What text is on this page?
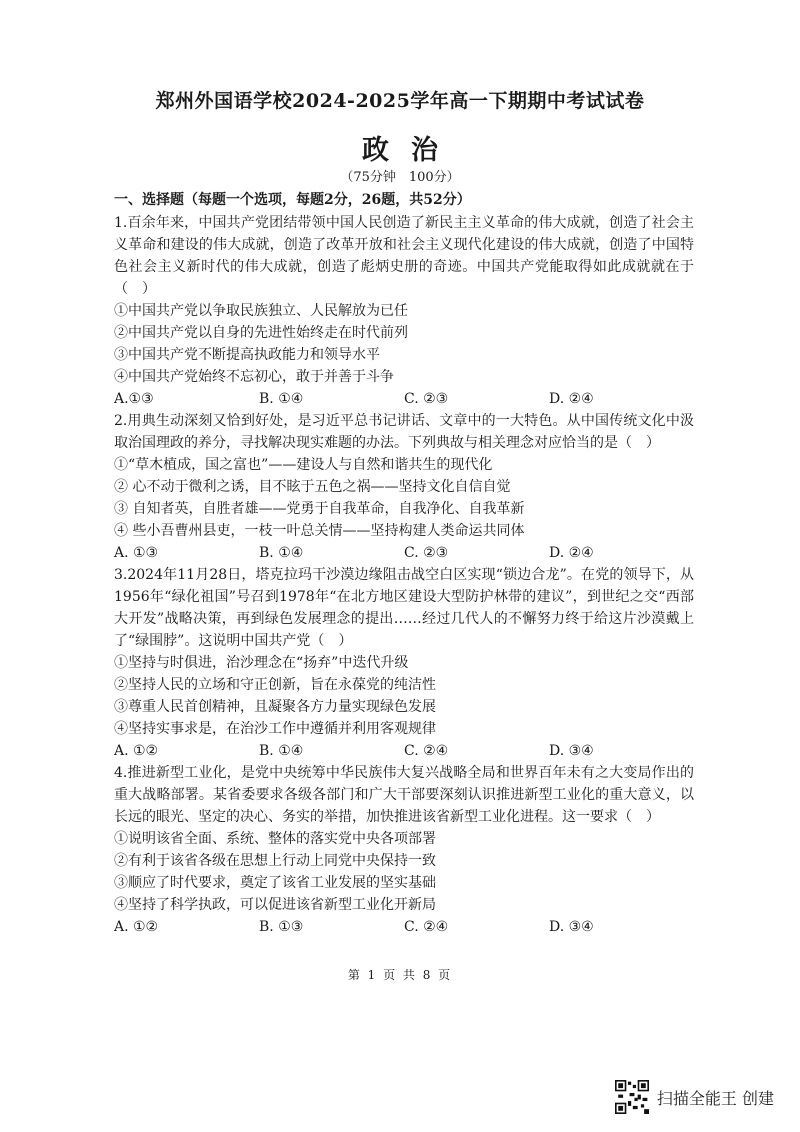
郑州外国语学校2024-2025学年高一下期期中考试试卷
政治
（75分钟　100分）

一、选择题（每题一个选项，每题2分，26题，共52分）

1.百余年来，中国共产党团结带领中国人民创造了新民主主义革命的伟大成就，创造了社会主义革命和建设的伟大成就，创造了改革开放和社会主义现代化建设的伟大成就，创造了中国特色社会主义新时代的伟大成就，创造了彪炳史册的奇迹。中国共产党能取得如此成就就在于（　）

①中国共产党以争取民族独立、人民解放为已任

②中国共产党以自身的先进性始终走在时代前列

③中国共产党不断提高执政能力和领导水平

④中国共产党始终不忘初心，敢于并善于斗争

A.①③	B. ①④	C. ②③	D. ②④

2.用典生动深刻又恰到好处，是习近平总书记讲话、文章中的一大特色。从中国传统文化中汲取治国理政的养分，寻找解决现实难题的办法。下列典故与相关理念对应恰当的是（　）

①“草木植成，国之富也”——建设人与自然和谐共生的现代化

② 心不动于微利之诱，目不眩于五色之祸——坚持文化自信自觉

③ 自知者英，自胜者雄——党勇于自我革命，自我净化、自我革新

④ 些小吾曹州县吏，一枝一叶总关情——坚持构建人类命运共同体

A. ①③	B. ①④	C. ②③	D. ②④

3.2024年11月28日，塔克拉玛干沙漠边缘阻击战空白区实现“锁边合龙”。在党的领导下，从1956年“绿化祖国”号召到1978年“在北方地区建设大型防护林带的建议”，到世纪之交“西部大开发”战略决策，再到绿色发展理念的提出……经过几代人的不懈努力终于给这片沙漠戴上了“绿围脖”。这说明中国共产党（　）

①坚持与时俱进，治沙理念在“扬弃”中迭代升级

②坚持人民的立场和守正创新，旨在永葆党的纯洁性

③尊重人民首创精神，且凝聚各方力量实现绿色发展

④坚持实事求是，在治沙工作中遵循并利用客观规律

A. ①②	B. ①④	C. ②④	D. ③④

4.推进新型工业化，是党中央统筹中华民族伟大复兴战略全局和世界百年未有之大变局作出的重大战略部署。某省委要求各级各部门和广大干部要深刻认识推进新型工业化的重大意义，以长远的眼光、坚定的决心、务实的举措，加快推进该省新型工业化进程。这一要求（　）

①说明该省全面、系统、整体的落实党中央各项部署

②有利于该省各级在思想上行动上同党中央保持一致

③顺应了时代要求，奠定了该省工业发展的坚实基础

④坚持了科学执政，可以促进该省新型工业化开新局

A. ①②	B. ①③	C. ②④	D. ③④
第 1 页 共 8 页
扫描全能王 创建
